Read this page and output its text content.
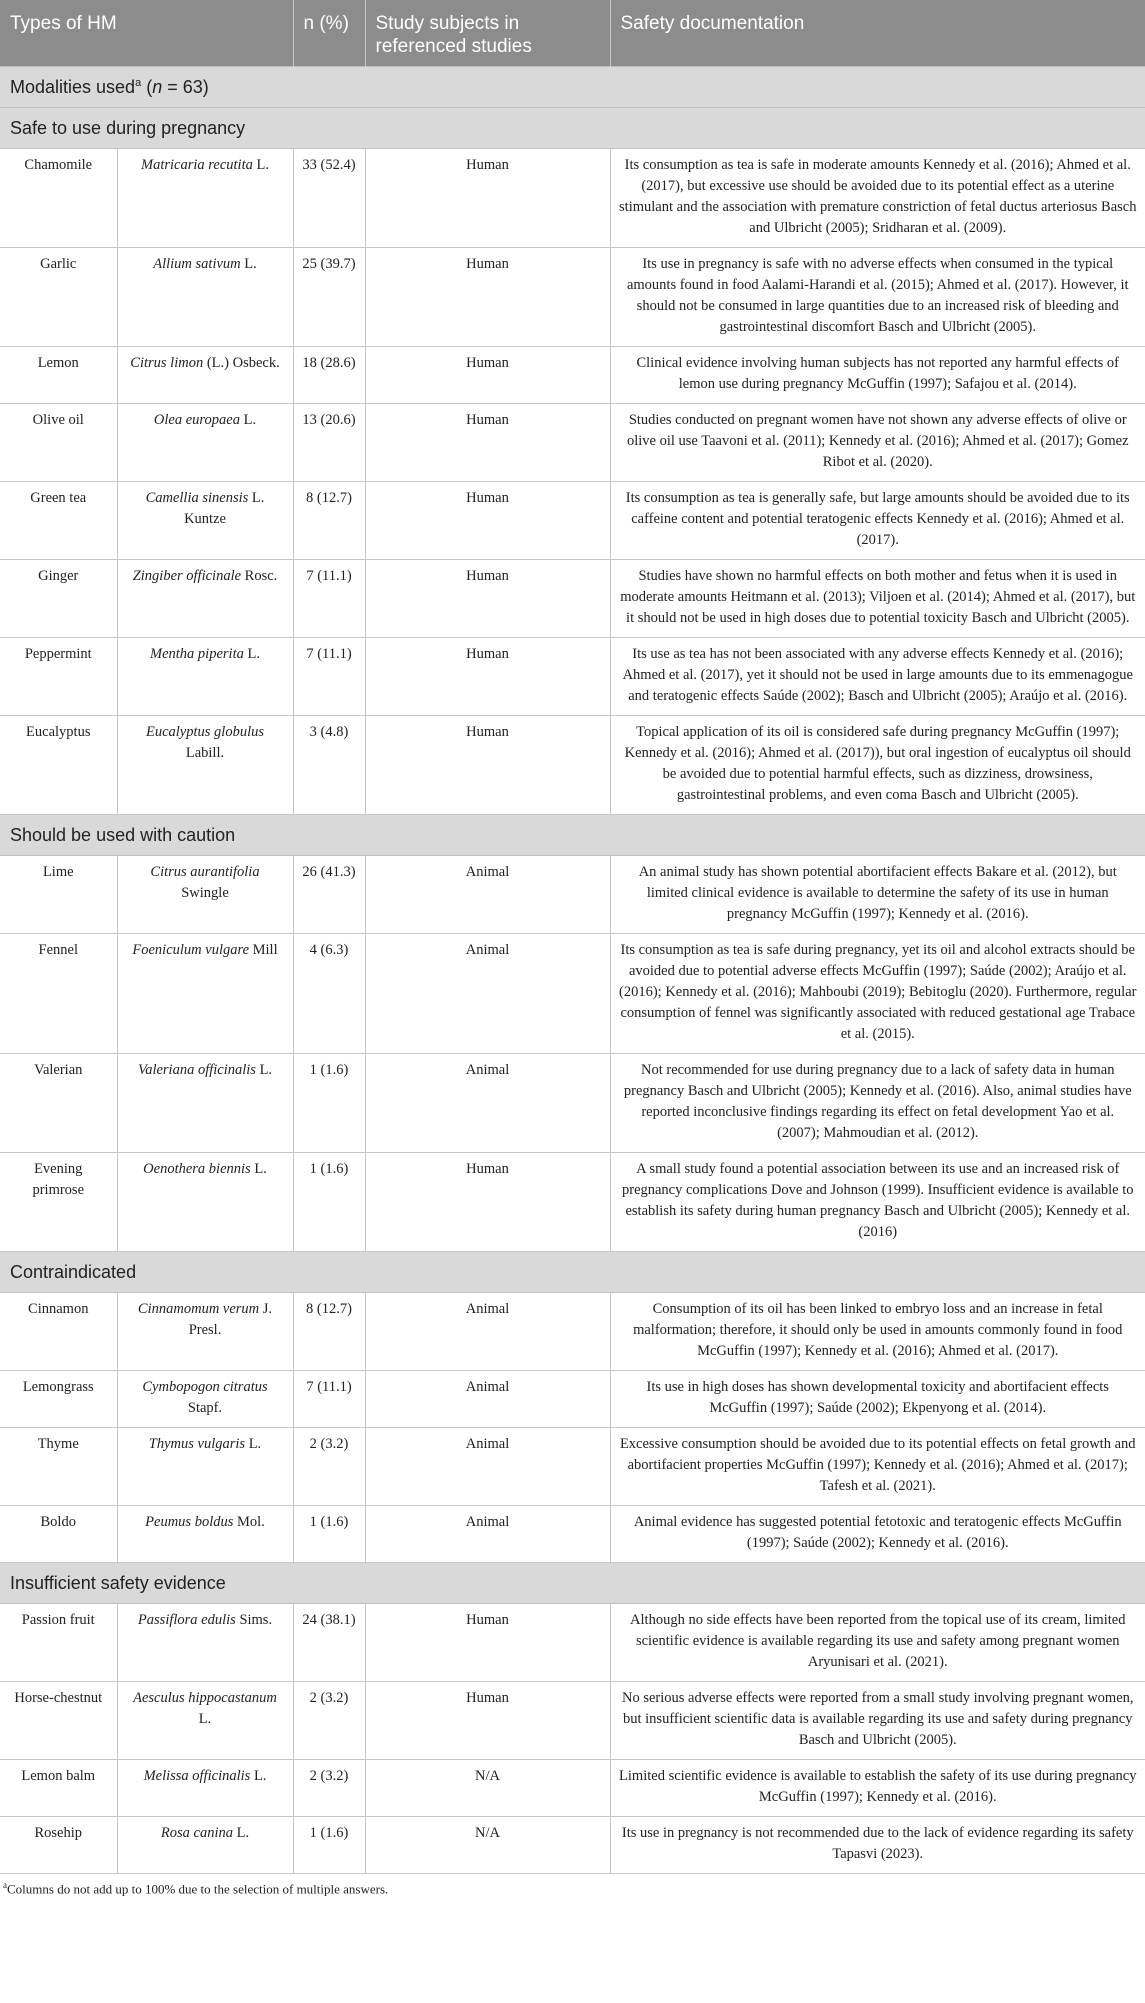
Types of HM		n (%)	Study subjects in referenced studies	Safety documentation
Modalities used$^a$ (n = 63)				
Safe to use during pregnancy				
Chamomile	Matricaria recutita L.	33 (52.4)	Human	Its consumption as tea is safe in moderate amounts Kennedy et al. (2016); Ahmed et al. (2017), but excessive use should be avoided due to its potential effect as a uterine stimulant and the association with premature constriction of fetal ductus arteriosus Basch and Ulbricht (2005); Sridharan et al. (2009).
Garlic	Allium sativum L.	25 (39.7)	Human	Its use in pregnancy is safe with no adverse effects when consumed in the typical amounts found in food Aalami-Harandi et al. (2015); Ahmed et al. (2017). However, it should not be consumed in large quantities due to an increased risk of bleeding and gastrointestinal discomfort Basch and Ulbricht (2005).
Lemon	Citrus limon (L.) Osbeck.	18 (28.6)	Human	Clinical evidence involving human subjects has not reported any harmful effects of lemon use during pregnancy McGuffin (1997); Safajou et al. (2014).
Olive oil	Olea europaea L.	13 (20.6)	Human	Studies conducted on pregnant women have not shown any adverse effects of olive or olive oil use Taavoni et al. (2011); Kennedy et al. (2016); Ahmed et al. (2017); Gomez Ribot et al. (2020).
Green tea	Camellia sinensis L. Kuntze	8 (12.7)	Human	Its consumption as tea is generally safe, but large amounts should be avoided due to its caffeine content and potential teratogenic effects Kennedy et al. (2016); Ahmed et al. (2017).
Ginger	Zingiber officinale Rosc.	7 (11.1)	Human	Studies have shown no harmful effects on both mother and fetus when it is used in moderate amounts Heitmann et al. (2013); Viljoen et al. (2014); Ahmed et al. (2017), but it should not be used in high doses due to potential toxicity Basch and Ulbricht (2005).
Peppermint	Mentha piperita L.	7 (11.1)	Human	Its use as tea has not been associated with any adverse effects Kennedy et al. (2016); Ahmed et al. (2017), yet it should not be used in large amounts due to its emmenagogue and teratogenic effects Saúde (2002); Basch and Ulbricht (2005); Araújo et al. (2016).
Eucalyptus	Eucalyptus globulus Labill.	3 (4.8)	Human	Topical application of its oil is considered safe during pregnancy McGuffin (1997); Kennedy et al. (2016); Ahmed et al. (2017)), but oral ingestion of eucalyptus oil should be avoided due to potential harmful effects, such as dizziness, drowsiness, gastrointestinal problems, and even coma Basch and Ulbricht (2005).
Should be used with caution				
Lime	Citrus aurantifolia Swingle	26 (41.3)	Animal	An animal study has shown potential abortifacient effects Bakare et al. (2012), but limited clinical evidence is available to determine the safety of its use in human pregnancy McGuffin (1997); Kennedy et al. (2016).
Fennel	Foeniculum vulgare Mill	4 (6.3)	Animal	Its consumption as tea is safe during pregnancy, yet its oil and alcohol extracts should be avoided due to potential adverse effects McGuffin (1997); Saúde (2002); Araújo et al. (2016); Kennedy et al. (2016); Mahboubi (2019); Bebitoglu (2020). Furthermore, regular consumption of fennel was significantly associated with reduced gestational age Trabace et al. (2015).
Valerian	Valeriana officinalis L.	1 (1.6)	Animal	Not recommended for use during pregnancy due to a lack of safety data in human pregnancy Basch and Ulbricht (2005); Kennedy et al. (2016). Also, animal studies have reported inconclusive findings regarding its effect on fetal development Yao et al. (2007); Mahmoudian et al. (2012).
Evening primrose	Oenothera biennis L.	1 (1.6)	Human	A small study found a potential association between its use and an increased risk of pregnancy complications Dove and Johnson (1999). Insufficient evidence is available to establish its safety during human pregnancy Basch and Ulbricht (2005); Kennedy et al. (2016)
Contraindicated				
Cinnamon	Cinnamomum verum J. Presl.	8 (12.7)	Animal	Consumption of its oil has been linked to embryo loss and an increase in fetal malformation; therefore, it should only be used in amounts commonly found in food McGuffin (1997); Kennedy et al. (2016); Ahmed et al. (2017).
Lemongrass	Cymbopogon citratus Stapf.	7 (11.1)	Animal	Its use in high doses has shown developmental toxicity and abortifacient effects McGuffin (1997); Saúde (2002); Ekpenyong et al. (2014).
Thyme	Thymus vulgaris L.	2 (3.2)	Animal	Excessive consumption should be avoided due to its potential effects on fetal growth and abortifacient properties McGuffin (1997); Kennedy et al. (2016); Ahmed et al. (2017); Tafesh et al. (2021).
Boldo	Peumus boldus Mol.	1 (1.6)	Animal	Animal evidence has suggested potential fetotoxic and teratogenic effects McGuffin (1997); Saúde (2002); Kennedy et al. (2016).
Insufficient safety evidence				
Passion fruit	Passiflora edulis Sims.	24 (38.1)	Human	Although no side effects have been reported from the topical use of its cream, limited scientific evidence is available regarding its use and safety among pregnant women Aryunisari et al. (2021).
Horse-chestnut	Aesculus hippocastanum L.	2 (3.2)	Human	No serious adverse effects were reported from a small study involving pregnant women, but insufficient scientific data is available regarding its use and safety during pregnancy Basch and Ulbricht (2005).
Lemon balm	Melissa officinalis L.	2 (3.2)	N/A	Limited scientific evidence is available to establish the safety of its use during pregnancy McGuffin (1997); Kennedy et al. (2016).
Rosehip	Rosa canina L.	1 (1.6)	N/A	Its use in pregnancy is not recommended due to the lack of evidence regarding its safety Tapasvi (2023).
$^a$Columns do not add up to 100% due to the selection of multiple answers.
